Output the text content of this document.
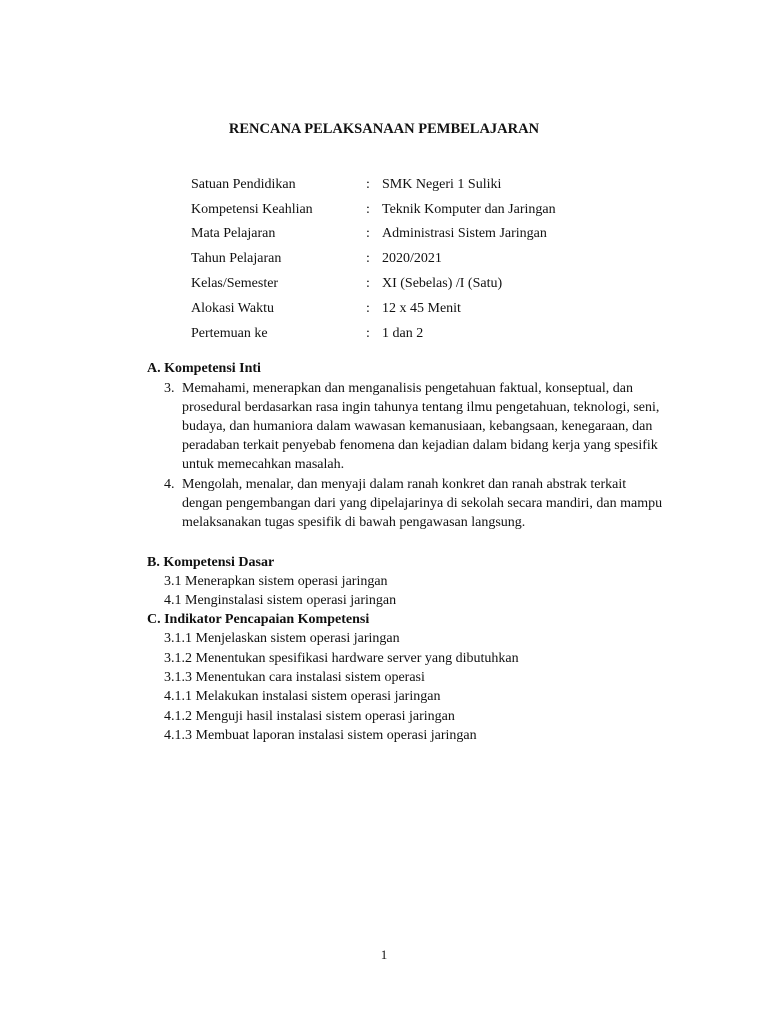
RENCANA PELAKSANAAN PEMBELAJARAN
Satuan Pendidikan	: SMK Negeri 1 Suliki
Kompetensi Keahlian	: Teknik Komputer dan Jaringan
Mata Pelajaran	: Administrasi Sistem Jaringan
Tahun Pelajaran	: 2020/2021
Kelas/Semester	: XI (Sebelas) /I (Satu)
Alokasi Waktu	: 12 x 45 Menit
Pertemuan ke	: 1 dan 2
A. Kompetensi Inti
3. Memahami, menerapkan dan menganalisis pengetahuan faktual, konseptual, dan prosedural berdasarkan rasa ingin tahunya tentang ilmu pengetahuan, teknologi, seni, budaya, dan humaniora dalam wawasan kemanusiaan, kebangsaan, kenegaraan, dan peradaban terkait penyebab fenomena dan kejadian dalam bidang kerja yang spesifik untuk memecahkan masalah.
4. Mengolah, menalar, dan menyaji dalam ranah konkret dan ranah abstrak terkait dengan pengembangan dari yang dipelajarinya di sekolah secara mandiri, dan mampu melaksanakan tugas spesifik di bawah pengawasan langsung.
B. Kompetensi Dasar
3.1 Menerapkan sistem operasi jaringan
4.1 Menginstalasi sistem operasi jaringan
C. Indikator Pencapaian Kompetensi
3.1.1 Menjelaskan sistem operasi jaringan
3.1.2 Menentukan spesifikasi hardware server yang dibutuhkan
3.1.3 Menentukan cara instalasi sistem operasi
4.1.1 Melakukan instalasi sistem operasi jaringan
4.1.2 Menguji hasil instalasi sistem operasi jaringan
4.1.3 Membuat laporan instalasi sistem operasi jaringan
1
